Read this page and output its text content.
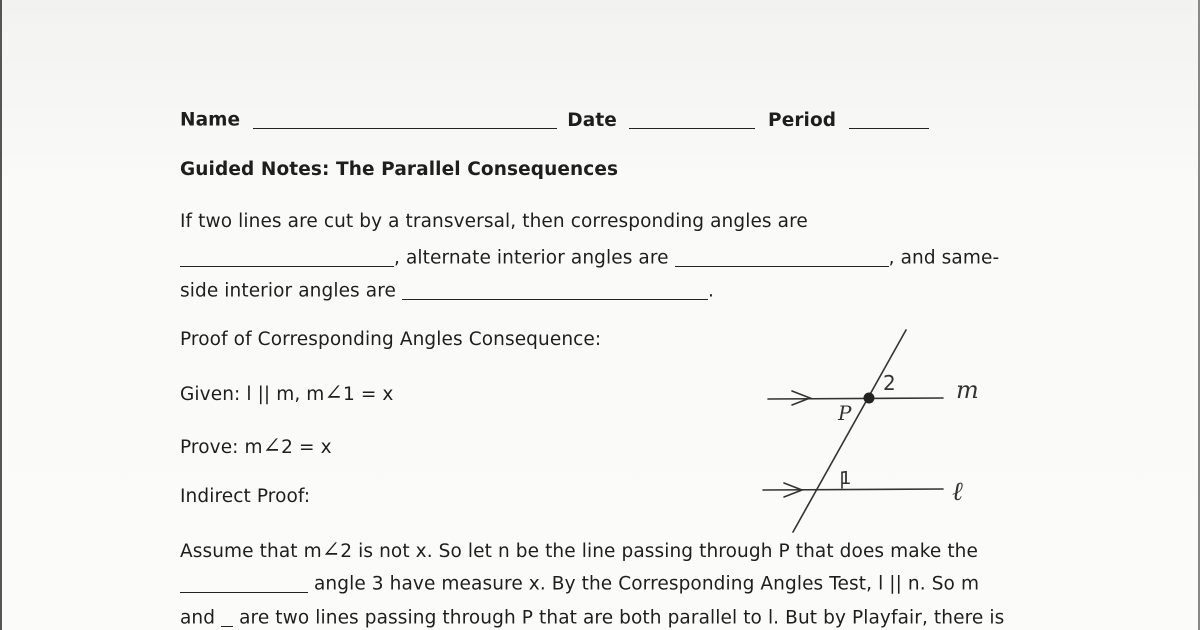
Name	Date	Period
Guided Notes: The Parallel Consequences
If two lines are cut by a transversal, then corresponding angles are
, alternate interior angles are	, and same-
side interior angles are	.
Proof of Corresponding Angles Consequence:
Given: l || m, m∠1 = x
Prove: m∠2 = x
Indirect Proof:
Assume that m∠2 is not x. So let n be the line passing through P that does make the
angle 3 have measure x. By the Corresponding Angles Test, l || n. So m
and are two lines passing through P that are both parallel to l. But by Playfair, there is
2
P
1
m
ℓ
